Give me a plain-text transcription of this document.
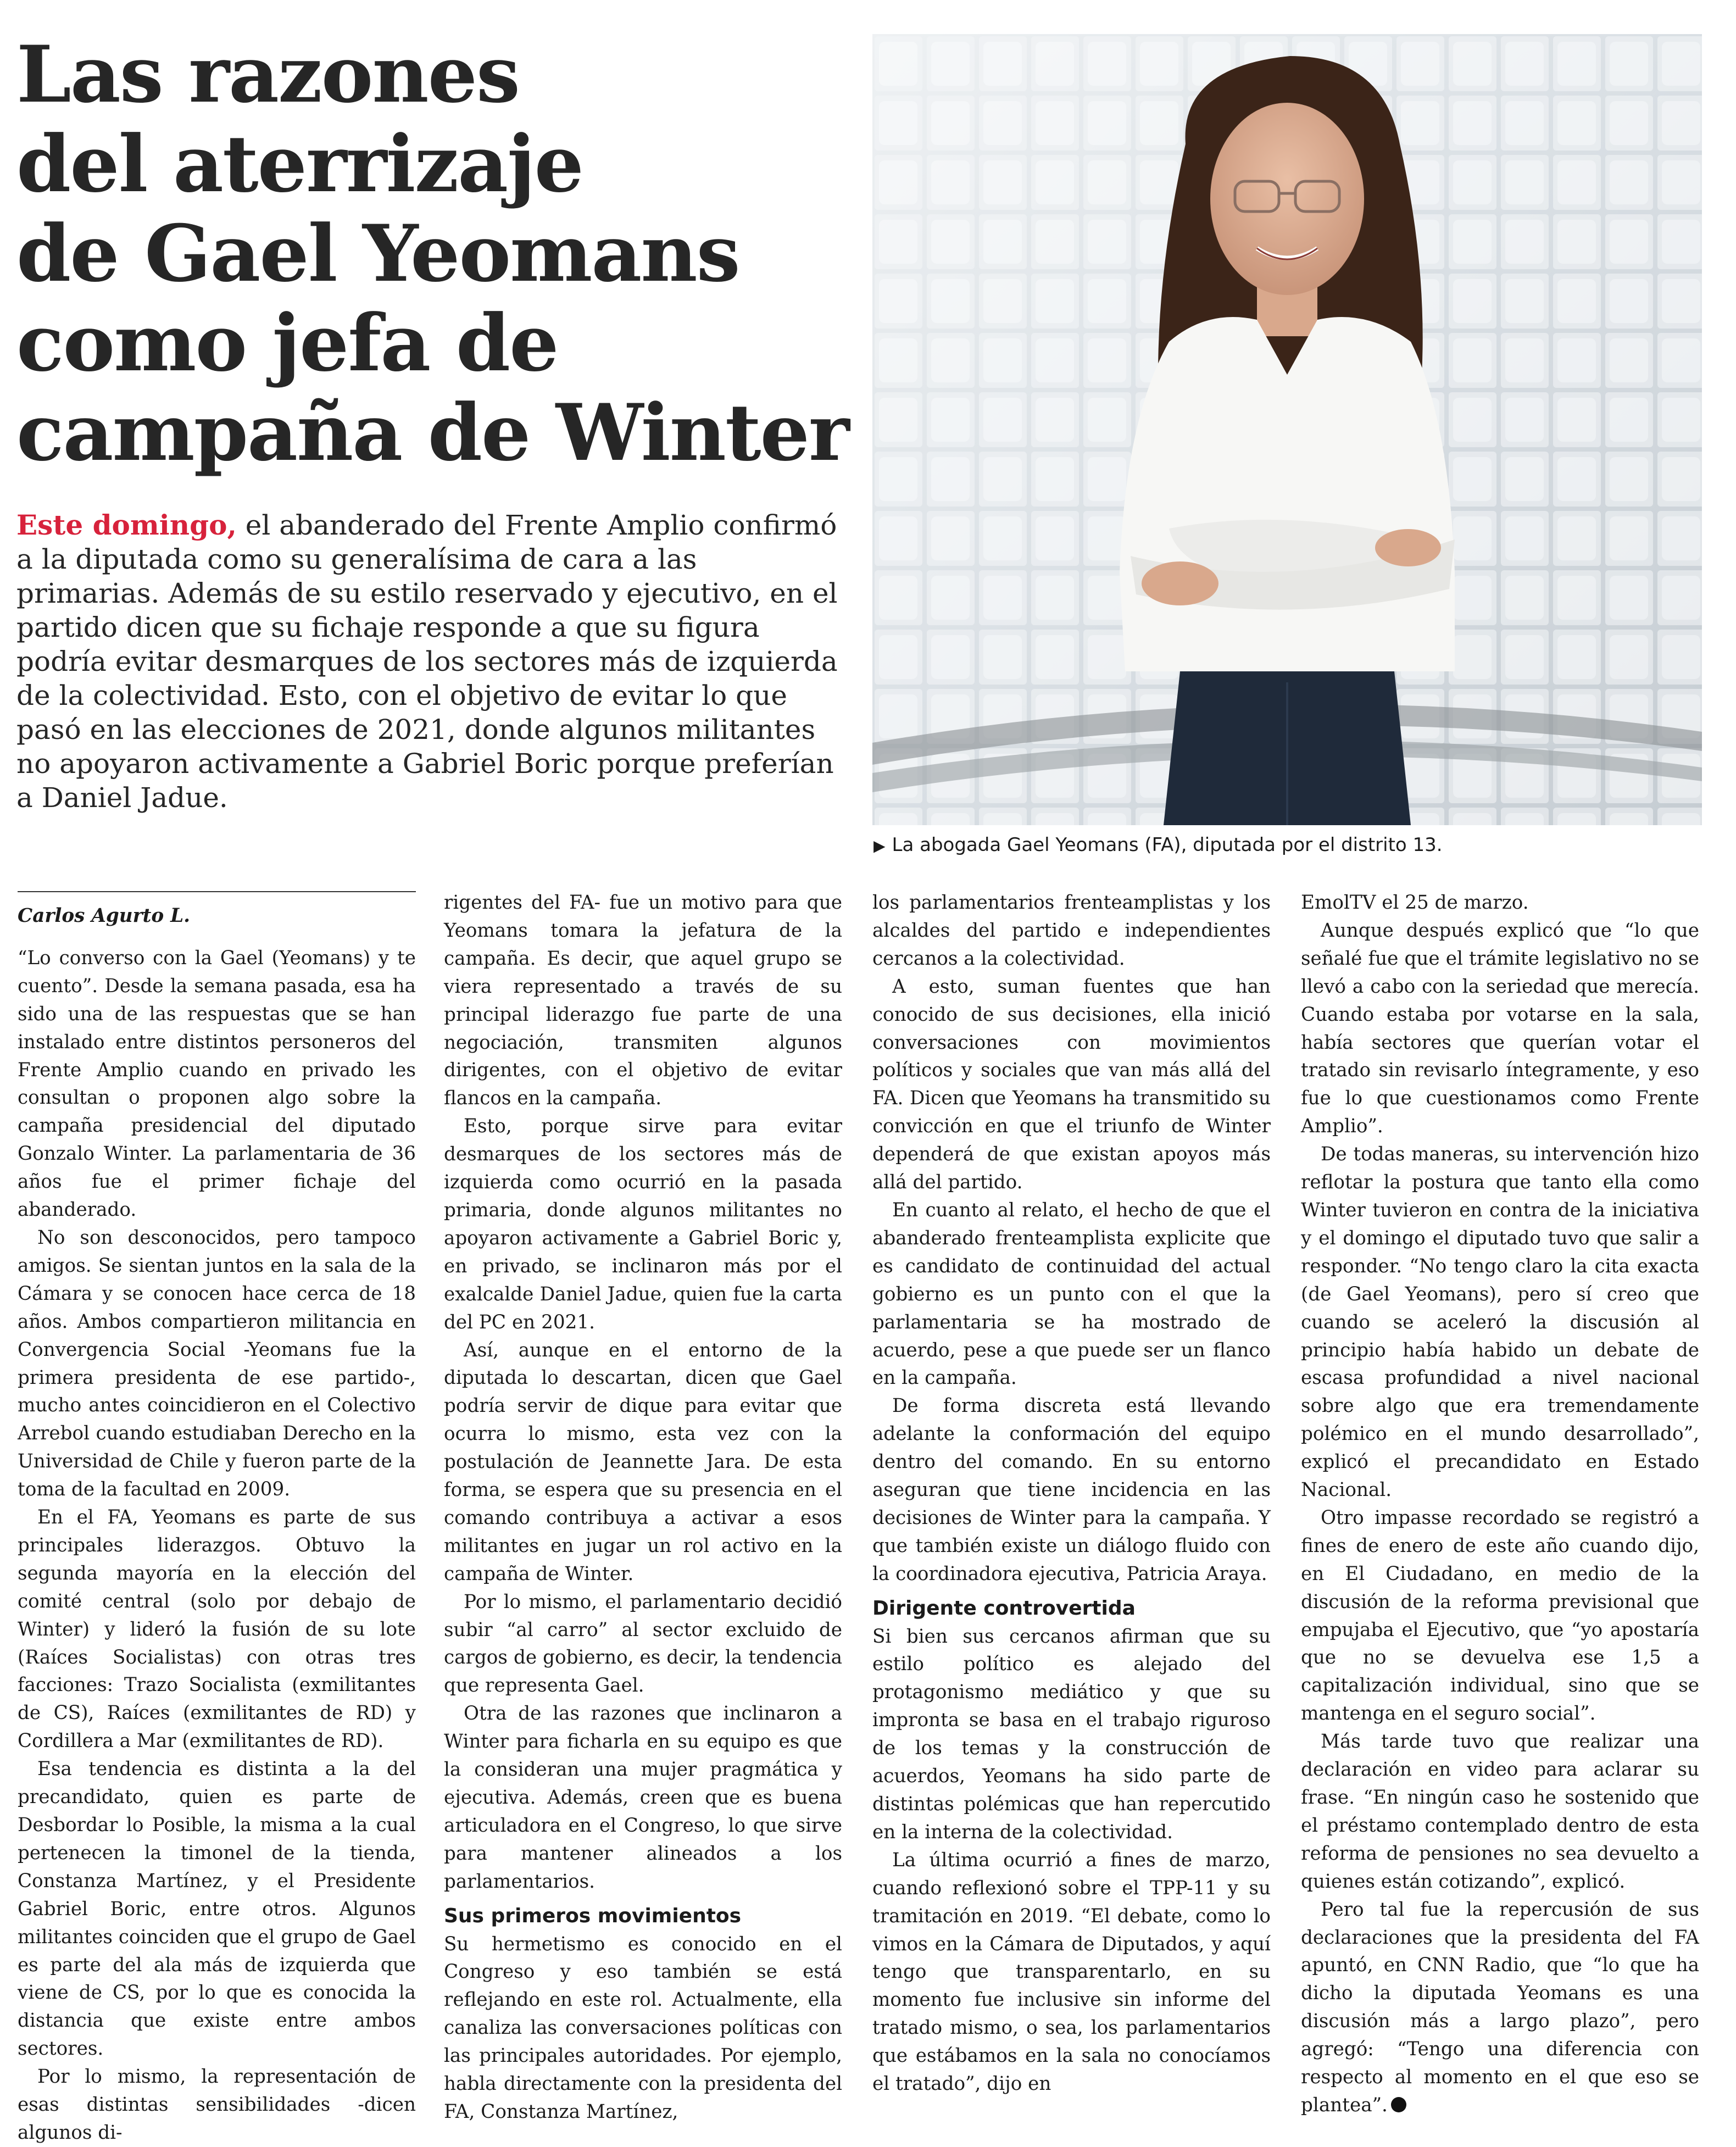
Las razones
del aterrizaje
de Gael Yeomans
como jefa de
campaña de Winter

Este domingo, el abanderado del Frente Amplio confirmó a la diputada como su generalísima de cara a las primarias. Además de su estilo reservado y ejecutivo, en el partido dicen que su fichaje responde a que su figura podría evitar desmarques de los sectores más de izquierda de la colectividad. Esto, con el objetivo de evitar lo que pasó en las elecciones de 2021, donde algunos militantes no apoyaron activamente a Gabriel Boric porque preferían a Daniel Jadue.

▶ La abogada Gael Yeomans (FA), diputada por el distrito 13.
Carlos Agurto L.

“Lo converso con la Gael (Yeomans) y te cuento”. Desde la semana pasada, esa ha sido una de las respuestas que se han instalado entre distintos personeros del Frente Amplio cuando en privado les consultan o proponen algo sobre la campaña presidencial del diputado Gonzalo Winter. La parlamentaria de 36 años fue el primer fichaje del abanderado.

No son desconocidos, pero tampoco amigos. Se sientan juntos en la sala de la Cámara y se conocen hace cerca de 18 años. Ambos compartieron militancia en Convergencia Social -Yeomans fue la primera presidenta de ese partido-, mucho antes coincidieron en el Colectivo Arrebol cuando estudiaban Derecho en la Universidad de Chile y fueron parte de la toma de la facultad en 2009.

En el FA, Yeomans es parte de sus principales liderazgos. Obtuvo la segunda mayoría en la elección del comité central (solo por debajo de Winter) y lideró la fusión de su lote (Raíces Socialistas) con otras tres facciones: Trazo Socialista (exmilitantes de CS), Raíces (exmilitantes de RD) y Cordillera a Mar (exmilitantes de RD).

Esa tendencia es distinta a la del precandidato, quien es parte de Desbordar lo Posible, la misma a la cual pertenecen la timonel de la tienda, Constanza Martínez, y el Presidente Gabriel Boric, entre otros. Algunos militantes coinciden que el grupo de Gael es parte del ala más de izquierda que viene de CS, por lo que es conocida la distancia que existe entre ambos sectores.

Por lo mismo, la representación de esas distintas sensibilidades -dicen algunos di-

rigentes del FA- fue un motivo para que Yeomans tomara la jefatura de la campaña. Es decir, que aquel grupo se viera representado a través de su principal liderazgo fue parte de una negociación, transmiten algunos dirigentes, con el objetivo de evitar flancos en la campaña.

Esto, porque sirve para evitar desmarques de los sectores más de izquierda como ocurrió en la pasada primaria, donde algunos militantes no apoyaron activamente a Gabriel Boric y, en privado, se inclinaron más por el exalcalde Daniel Jadue, quien fue la carta del PC en 2021.

Así, aunque en el entorno de la diputada lo descartan, dicen que Gael podría servir de dique para evitar que ocurra lo mismo, esta vez con la postulación de Jeannette Jara. De esta forma, se espera que su presencia en el comando contribuya a activar a esos militantes en jugar un rol activo en la campaña de Winter.

Por lo mismo, el parlamentario decidió subir “al carro” al sector excluido de cargos de gobierno, es decir, la tendencia que representa Gael.

Otra de las razones que inclinaron a Winter para ficharla en su equipo es que la consideran una mujer pragmática y ejecutiva. Además, creen que es buena articuladora en el Congreso, lo que sirve para mantener alineados a los parlamentarios.

Sus primeros movimientos

Su hermetismo es conocido en el Congreso y eso también se está reflejando en este rol. Actualmente, ella canaliza las conversaciones políticas con las principales autoridades. Por ejemplo, habla directamente con la presidenta del FA, Constanza Martínez,

los parlamentarios frenteamplistas y los alcaldes del partido e independientes cercanos a la colectividad.

A esto, suman fuentes que han conocido de sus decisiones, ella inició conversaciones con movimientos políticos y sociales que van más allá del FA. Dicen que Yeomans ha transmitido su convicción en que el triunfo de Winter dependerá de que existan apoyos más allá del partido.

En cuanto al relato, el hecho de que el abanderado frenteamplista explicite que es candidato de continuidad del actual gobierno es un punto con el que la parlamentaria se ha mostrado de acuerdo, pese a que puede ser un flanco en la campaña.

De forma discreta está llevando adelante la conformación del equipo dentro del comando. En su entorno aseguran que tiene incidencia en las decisiones de Winter para la campaña. Y que también existe un diálogo fluido con la coordinadora ejecutiva, Patricia Araya.

Dirigente controvertida

Si bien sus cercanos afirman que su estilo político es alejado del protagonismo mediático y que su impronta se basa en el trabajo riguroso de los temas y la construcción de acuerdos, Yeomans ha sido parte de distintas polémicas que han repercutido en la interna de la colectividad.

La última ocurrió a fines de marzo, cuando reflexionó sobre el TPP-11 y su tramitación en 2019. “El debate, como lo vimos en la Cámara de Diputados, y aquí tengo que transparentarlo, en su momento fue inclusive sin informe del tratado mismo, o sea, los parlamentarios que estábamos en la sala no conocíamos el tratado”, dijo en

EmolTV el 25 de marzo.

Aunque después explicó que “lo que señalé fue que el trámite legislativo no se llevó a cabo con la seriedad que merecía. Cuando estaba por votarse en la sala, había sectores que querían votar el tratado sin revisarlo íntegramente, y eso fue lo que cuestionamos como Frente Amplio”.

De todas maneras, su intervención hizo reflotar la postura que tanto ella como Winter tuvieron en contra de la iniciativa y el domingo el diputado tuvo que salir a responder. “No tengo claro la cita exacta (de Gael Yeomans), pero sí creo que cuando se aceleró la discusión al principio había habido un debate de escasa profundidad a nivel nacional sobre algo que era tremendamente polémico en el mundo desarrollado”, explicó el precandidato en Estado Nacional.

Otro impasse recordado se registró a fines de enero de este año cuando dijo, en El Ciudadano, en medio de la discusión de la reforma previsional que empujaba el Ejecutivo, que “yo apostaría que no se devuelva ese 1,5 a capitalización individual, sino que se mantenga en el seguro social”.

Más tarde tuvo que realizar una declaración en video para aclarar su frase. “En ningún caso he sostenido que el préstamo contemplado dentro de esta reforma de pensiones no sea devuelto a quienes están cotizando”, explicó.

Pero tal fue la repercusión de sus declaraciones que la presidenta del FA apuntó, en CNN Radio, que “lo que ha dicho la diputada Yeomans es una discusión más a largo plazo”, pero agregó: “Tengo una diferencia con respecto al momento en el que eso se plantea”.
